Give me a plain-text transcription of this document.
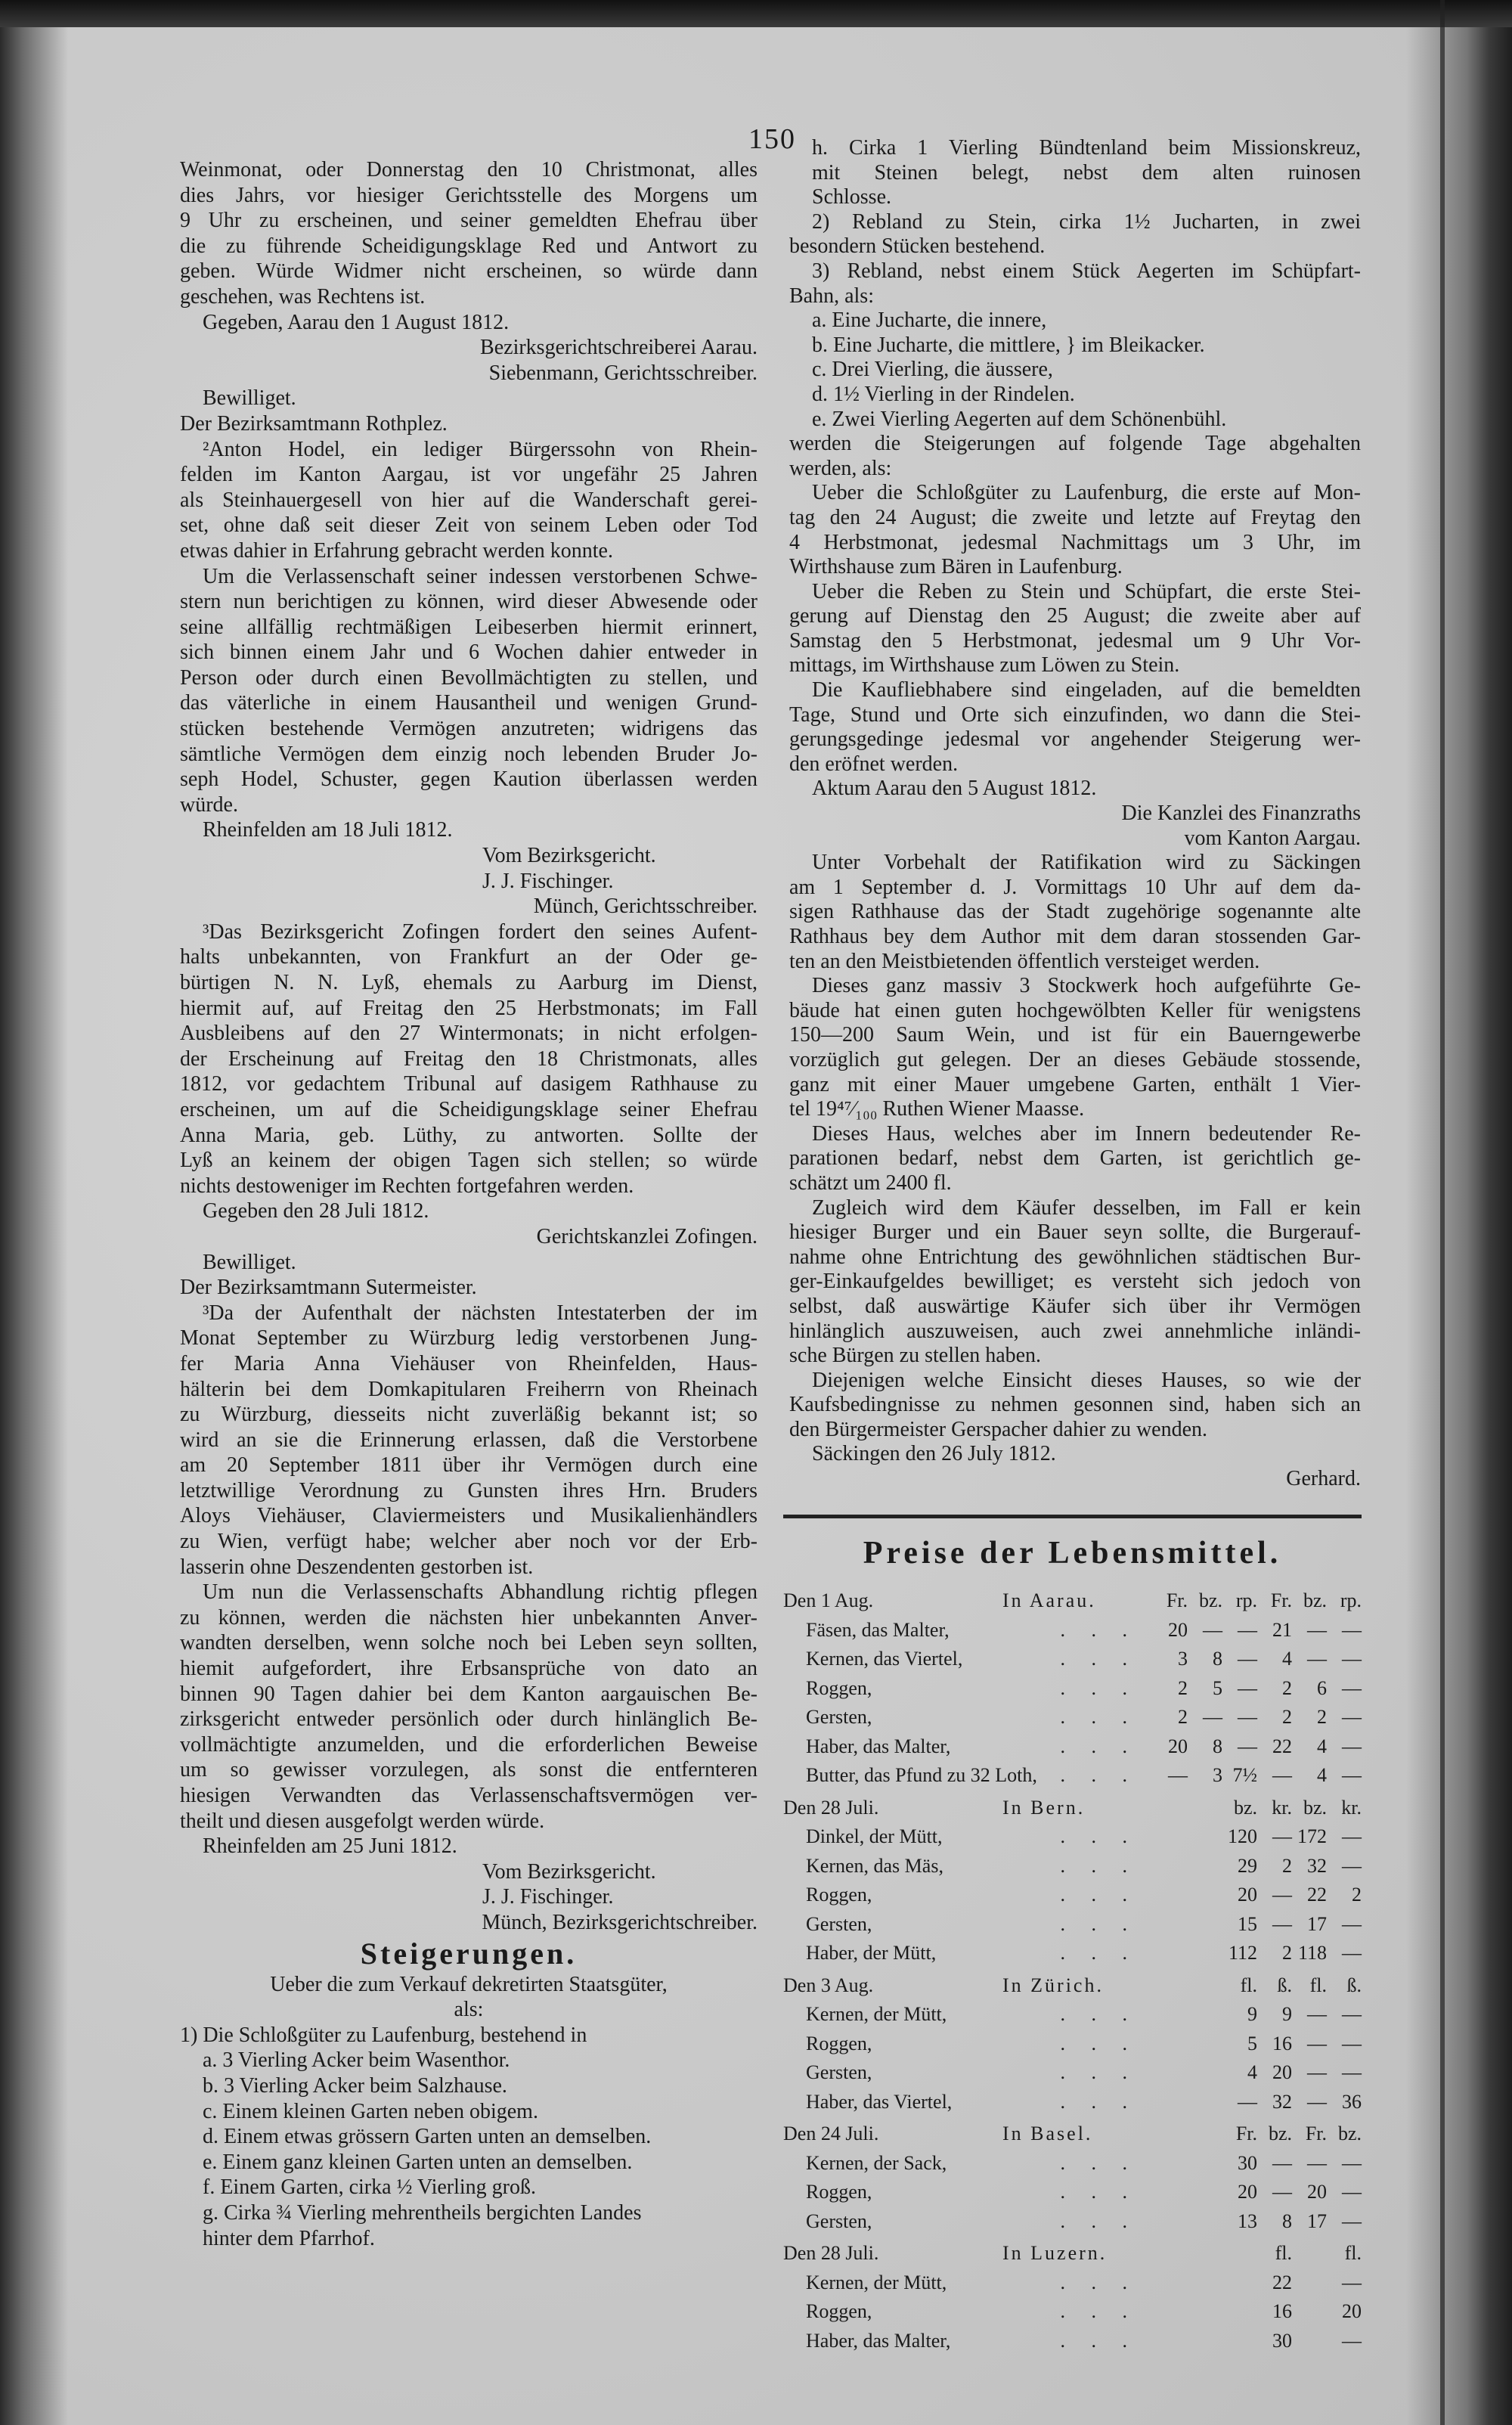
150
Weinmonat, oder Donnerstag den 10 Christmonat, alles
dies Jahrs, vor hiesiger Gerichtsstelle des Morgens um
9 Uhr zu erscheinen, und seiner gemeldten Ehefrau über
die zu führende Scheidigungsklage Red und Antwort zu
geben. Würde Widmer nicht erscheinen, so würde dann
geschehen, was Rechtens ist.
Gegeben, Aarau den 1 August 1812.
Bezirksgerichtschreiberei Aarau.
Siebenmann, Gerichtsschreiber.
Bewilliget.
Der Bezirksamtmann Rothplez.
²Anton Hodel, ein lediger Bürgerssohn von Rhein-
felden im Kanton Aargau, ist vor ungefähr 25 Jahren
als Steinhauergesell von hier auf die Wanderschaft gerei-
set, ohne daß seit dieser Zeit von seinem Leben oder Tod
etwas dahier in Erfahrung gebracht werden konnte.
Um die Verlassenschaft seiner indessen verstorbenen Schwe-
stern nun berichtigen zu können, wird dieser Abwesende oder
seine allfällig rechtmäßigen Leibeserben hiermit erinnert,
sich binnen einem Jahr und 6 Wochen dahier entweder in
Person oder durch einen Bevollmächtigten zu stellen, und
das väterliche in einem Hausantheil und wenigen Grund-
stücken bestehende Vermögen anzutreten; widrigens das
sämtliche Vermögen dem einzig noch lebenden Bruder Jo-
seph Hodel, Schuster, gegen Kaution überlassen werden
würde.
Rheinfelden am 18 Juli 1812.
Vom Bezirksgericht.
J. J. Fischinger.
Münch, Gerichtsschreiber.
³Das Bezirksgericht Zofingen fordert den seines Aufent-
halts unbekannten, von Frankfurt an der Oder ge-
bürtigen N. N. Lyß, ehemals zu Aarburg im Dienst,
hiermit auf, auf Freitag den 25 Herbstmonats; im Fall
Ausbleibens auf den 27 Wintermonats; in nicht erfolgen-
der Erscheinung auf Freitag den 18 Christmonats, alles
1812, vor gedachtem Tribunal auf dasigem Rathhause zu
erscheinen, um auf die Scheidigungsklage seiner Ehefrau
Anna Maria, geb. Lüthy, zu antworten. Sollte der
Lyß an keinem der obigen Tagen sich stellen; so würde
nichts destoweniger im Rechten fortgefahren werden.
Gegeben den 28 Juli 1812.
Gerichtskanzlei Zofingen.
Bewilliget.
Der Bezirksamtmann Sutermeister.
³Da der Aufenthalt der nächsten Intestaterben der im
Monat September zu Würzburg ledig verstorbenen Jung-
fer Maria Anna Viehäuser von Rheinfelden, Haus-
hälterin bei dem Domkapitularen Freiherrn von Rheinach
zu Würzburg, diesseits nicht zuverläßig bekannt ist; so
wird an sie die Erinnerung erlassen, daß die Verstorbene
am 20 September 1811 über ihr Vermögen durch eine
letztwillige Verordnung zu Gunsten ihres Hrn. Bruders
Aloys Viehäuser, Claviermeisters und Musikalienhändlers
zu Wien, verfügt habe; welcher aber noch vor der Erb-
lasserin ohne Deszendenten gestorben ist.
Um nun die Verlassenschafts Abhandlung richtig pflegen
zu können, werden die nächsten hier unbekannten Anver-
wandten derselben, wenn solche noch bei Leben seyn sollten,
hiemit aufgefordert, ihre Erbsansprüche von dato an
binnen 90 Tagen dahier bei dem Kanton aargauischen Be-
zirksgericht entweder persönlich oder durch hinlänglich Be-
vollmächtigte anzumelden, und die erforderlichen Beweise
um so gewisser vorzulegen, als sonst die entfernteren
hiesigen Verwandten das Verlassenschaftsvermögen ver-
theilt und diesen ausgefolgt werden würde.
Rheinfelden am 25 Juni 1812.
Vom Bezirksgericht.
J. J. Fischinger.
Münch, Bezirksgerichtschreiber.
Steigerungen.
Ueber die zum Verkauf dekretirten Staatsgüter,
als:
1) Die Schloßgüter zu Laufenburg, bestehend in
a. 3 Vierling Acker beim Wasenthor.
b. 3 Vierling Acker beim Salzhause.
c. Einem kleinen Garten neben obigem.
d. Einem etwas grössern Garten unten an demselben.
e. Einem ganz kleinen Garten unten an demselben.
f. Einem Garten, cirka ½ Vierling groß.
g. Cirka ¾ Vierling mehrentheils bergichten Landes
hinter dem Pfarrhof.
h. Cirka 1 Vierling Bündtenland beim Missionskreuz,
mit Steinen belegt, nebst dem alten ruinosen
Schlosse.
2) Rebland zu Stein, cirka 1½ Jucharten, in zwei
besondern Stücken bestehend.
3) Rebland, nebst einem Stück Aegerten im Schüpfart-
Bahn, als:
a. Eine Jucharte, die innere,
b. Eine Jucharte, die mittlere, } im Bleikacker.
c. Drei Vierling, die äussere,
d. 1½ Vierling in der Rindelen.
e. Zwei Vierling Aegerten auf dem Schönenbühl.
werden die Steigerungen auf folgende Tage abgehalten
werden, als:
Ueber die Schloßgüter zu Laufenburg, die erste auf Mon-
tag den 24 August; die zweite und letzte auf Freytag den
4 Herbstmonat, jedesmal Nachmittags um 3 Uhr, im
Wirthshause zum Bären in Laufenburg.
Ueber die Reben zu Stein und Schüpfart, die erste Stei-
gerung auf Dienstag den 25 August; die zweite aber auf
Samstag den 5 Herbstmonat, jedesmal um 9 Uhr Vor-
mittags, im Wirthshause zum Löwen zu Stein.
Die Kaufliebhabere sind eingeladen, auf die bemeldten
Tage, Stund und Orte sich einzufinden, wo dann die Stei-
gerungsgedinge jedesmal vor angehender Steigerung wer-
den eröfnet werden.
Aktum Aarau den 5 August 1812.
Die Kanzlei des Finanzraths
vom Kanton Aargau.
Unter Vorbehalt der Ratifikation wird zu Säckingen
am 1 September d. J. Vormittags 10 Uhr auf dem da-
sigen Rathhause das der Stadt zugehörige sogenannte alte
Rathhaus bey dem Author mit dem daran stossenden Gar-
ten an den Meistbietenden öffentlich versteiget werden.
Dieses ganz massiv 3 Stockwerk hoch aufgeführte Ge-
bäude hat einen guten hochgewölbten Keller für wenigstens
150—200 Saum Wein, und ist für ein Bauerngewerbe
vorzüglich gut gelegen. Der an dieses Gebäude stossende,
ganz mit einer Mauer umgebene Garten, enthält 1 Vier-
tel 19⁴⁷⁄₁₀₀ Ruthen Wiener Maasse.
Dieses Haus, welches aber im Innern bedeutender Re-
parationen bedarf, nebst dem Garten, ist gerichtlich ge-
schätzt um 2400 fl.
Zugleich wird dem Käufer desselben, im Fall er kein
hiesiger Burger und ein Bauer seyn sollte, die Burgerauf-
nahme ohne Entrichtung des gewöhnlichen städtischen Bur-
ger-Einkaufgeldes bewilliget; es versteht sich jedoch von
selbst, daß auswärtige Käufer sich über ihr Vermögen
hinlänglich auszuweisen, auch zwei annehmliche inländi-
sche Bürgen zu stellen haben.
Diejenigen welche Einsicht dieses Hauses, so wie der
Kaufsbedingnisse zu nehmen gesonnen sind, haben sich an
den Bürgermeister Gerspacher dahier zu wenden.
Säckingen den 26 July 1812.
Gerhard.
Preise der Lebensmittel.
Den 1 Aug.	In Aarau.	Fr. bz. rp. Fr. bz. rp.
Fäsen, das Malter,	. . .	20 — — 21 — —
Kernen, das Viertel,	. . .	3	8 —	4 — —
Roggen,	. . .	2	5 —	2	6 —
Gersten,	. . .	2 — —	2	2 —
Haber, das Malter,	. . .	20	8 — 22	4 —
Butter, das Pfund zu 32 Loth,	. . .	—	3 7½ —	4 —
Den 28 Juli.	In Bern.	bz. kr. bz. kr.
Dinkel, der Mütt,	. . .	120 — 172 —
Kernen, das Mäs,	. . .	29	2 32 —
Roggen,	. . .	20 — 22	2
Gersten,	. . .	15 — 17 —
Haber, der Mütt,	. . .	112	2 118 —
Den 3 Aug.	In Zürich.	fl.	ß. fl.	ß.
Kernen, der Mütt,	. . .	9	9 — —
Roggen,	. . .	5 16 — —
Gersten,	. . .	4 20 — —
Haber, das Viertel,	. . .	— 32 — 36
Den 24 Juli.	In Basel.	Fr. bz. Fr. bz.
Kernen, der Sack,	. . .	30 — — —
Roggen,	. . .	20 — 20 —
Gersten,	. . .	13	8 17 —
Den 28 Juli.	In Luzern.	fl.	fl.
Kernen, der Mütt,	. . .	22	—
Roggen,	. . .	16	20
Haber, das Malter,	. . .	30	—
